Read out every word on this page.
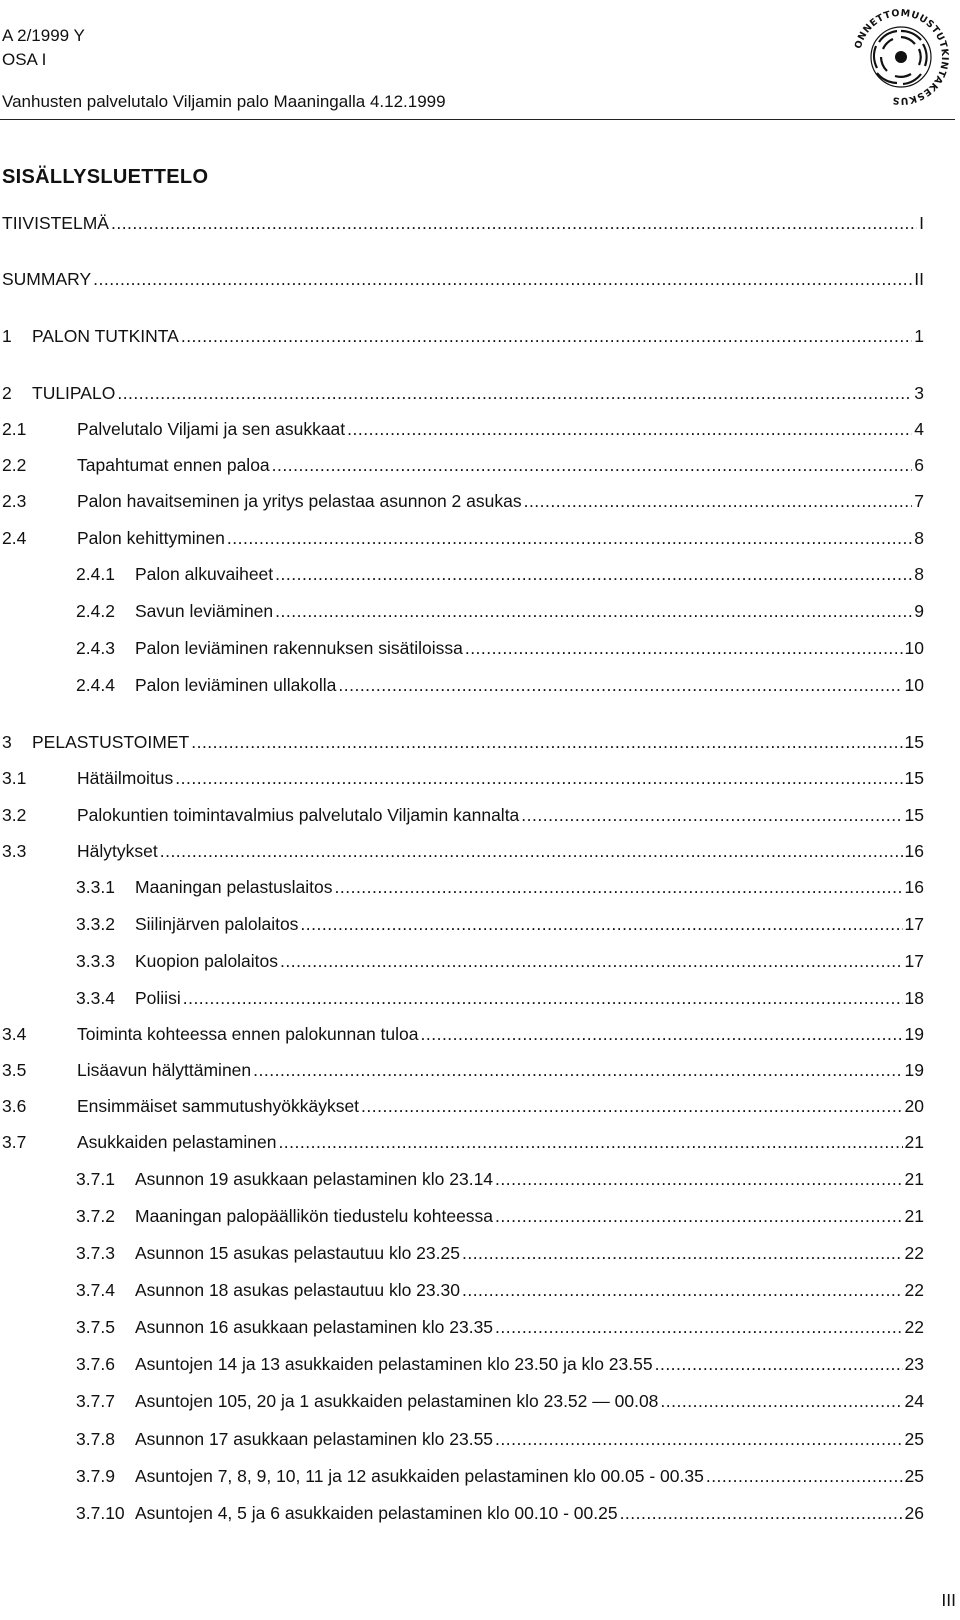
A 2/1999 Y
OSA I
Vanhusten palvelutalo Viljamin palo Maaningalla 4.12.1999
ONNETTOMUUSTUTKINTAKESKUS
SISÄLLYSLUETTELO
TIIVISTELMÄ .....	I
SUMMARY .....	II
1	PALON TUTKINTA .....	1
2	TULIPALO .....	3
2.1	Palvelutalo Viljami ja sen asukkaat .....	4
2.2	Tapahtumat ennen paloa .....	6
2.3	Palon havaitseminen ja yritys pelastaa asunnon 2 asukas .....	7
2.4	Palon kehittyminen .....	8
2.4.1	Palon alkuvaiheet .....	8
2.4.2	Savun leviäminen .....	9
2.4.3	Palon leviäminen rakennuksen sisätiloissa .....	10
2.4.4	Palon leviäminen ullakolla .....	10
3	PELASTUSTOIMET .....	15
3.1	Hätäilmoitus .....	15
3.2	Palokuntien toimintavalmius palvelutalo Viljamin kannalta .....	15
3.3	Hälytykset .....	16
3.3.1	Maaningan pelastuslaitos .....	16
3.3.2	Siilinjärven palolaitos .....	17
3.3.3	Kuopion palolaitos .....	17
3.3.4	Poliisi .....	18
3.4	Toiminta kohteessa ennen palokunnan tuloa .....	19
3.5	Lisäavun hälyttäminen .....	19
3.6	Ensimmäiset sammutushyökkäykset .....	20
3.7	Asukkaiden pelastaminen .....	21
3.7.1	Asunnon 19 asukkaan pelastaminen klo 23.14 .....	21
3.7.2	Maaningan palopäällikön tiedustelu kohteessa .....	21
3.7.3	Asunnon 15 asukas pelastautuu klo 23.25 .....	22
3.7.4	Asunnon 18 asukas pelastautuu klo 23.30 .....	22
3.7.5	Asunnon 16 asukkaan pelastaminen klo 23.35 .....	22
3.7.6	Asuntojen 14 ja 13 asukkaiden pelastaminen klo 23.50 ja klo 23.55 .....	23
3.7.7	Asuntojen 105, 20 ja 1 asukkaiden pelastaminen klo 23.52 — 00.08 .....	24
3.7.8	Asunnon 17 asukkaan pelastaminen klo 23.55 .....	25
3.7.9	Asuntojen 7, 8, 9, 10, 11 ja 12 asukkaiden pelastaminen klo 00.05 - 00.35 .....	25
3.7.10 Asuntojen 4, 5 ja 6 asukkaiden pelastaminen klo 00.10 - 00.25 .....	26
III
